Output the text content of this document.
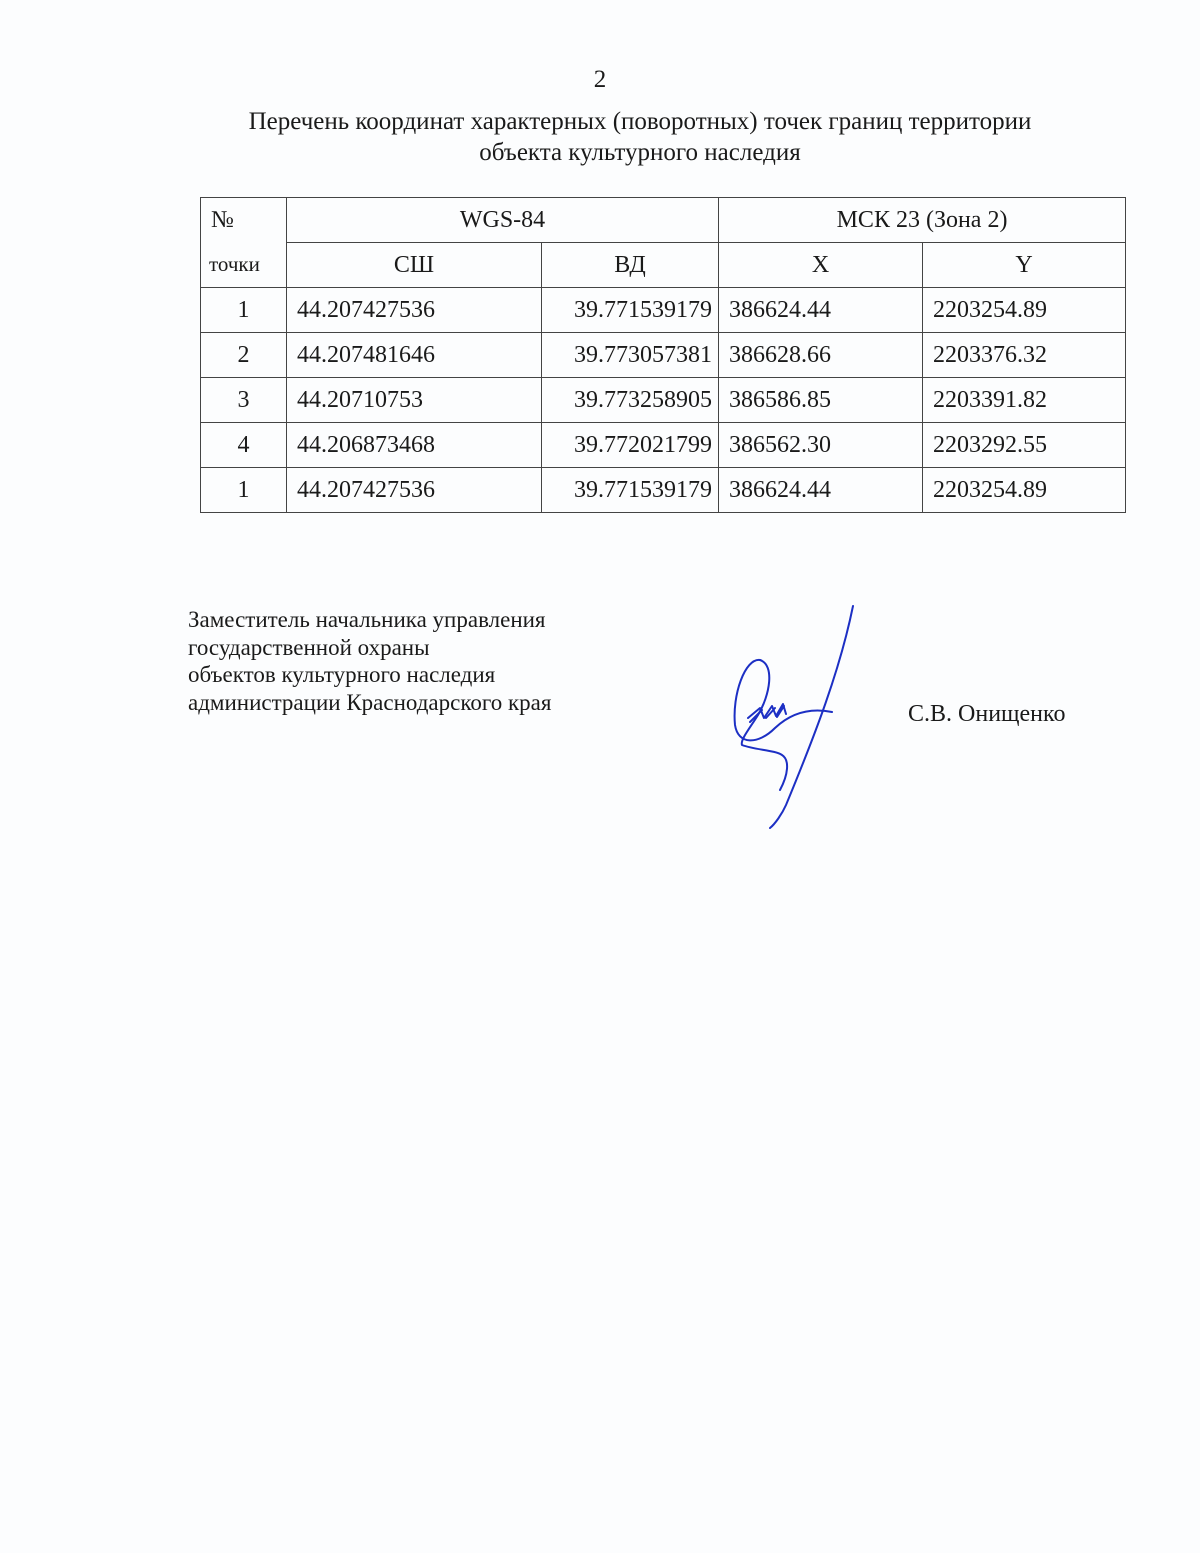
2
Перечень координат характерных (поворотных) точек границ территории
объекта культурного наследия
№	WGS-84		МСК 23 (Зона 2)	
точки	СШ	ВД	X	Y
1	44.207427536	39.771539179	386624.44	2203254.89
2	44.207481646	39.773057381	386628.66	2203376.32
3	44.20710753	39.773258905	386586.85	2203391.82
4	44.206873468	39.772021799	386562.30	2203292.55
1	44.207427536	39.771539179	386624.44	2203254.89
Заместитель начальника управления
государственной охраны
объектов культурного наследия
администрации Краснодарского края	С.В. Онищенко
